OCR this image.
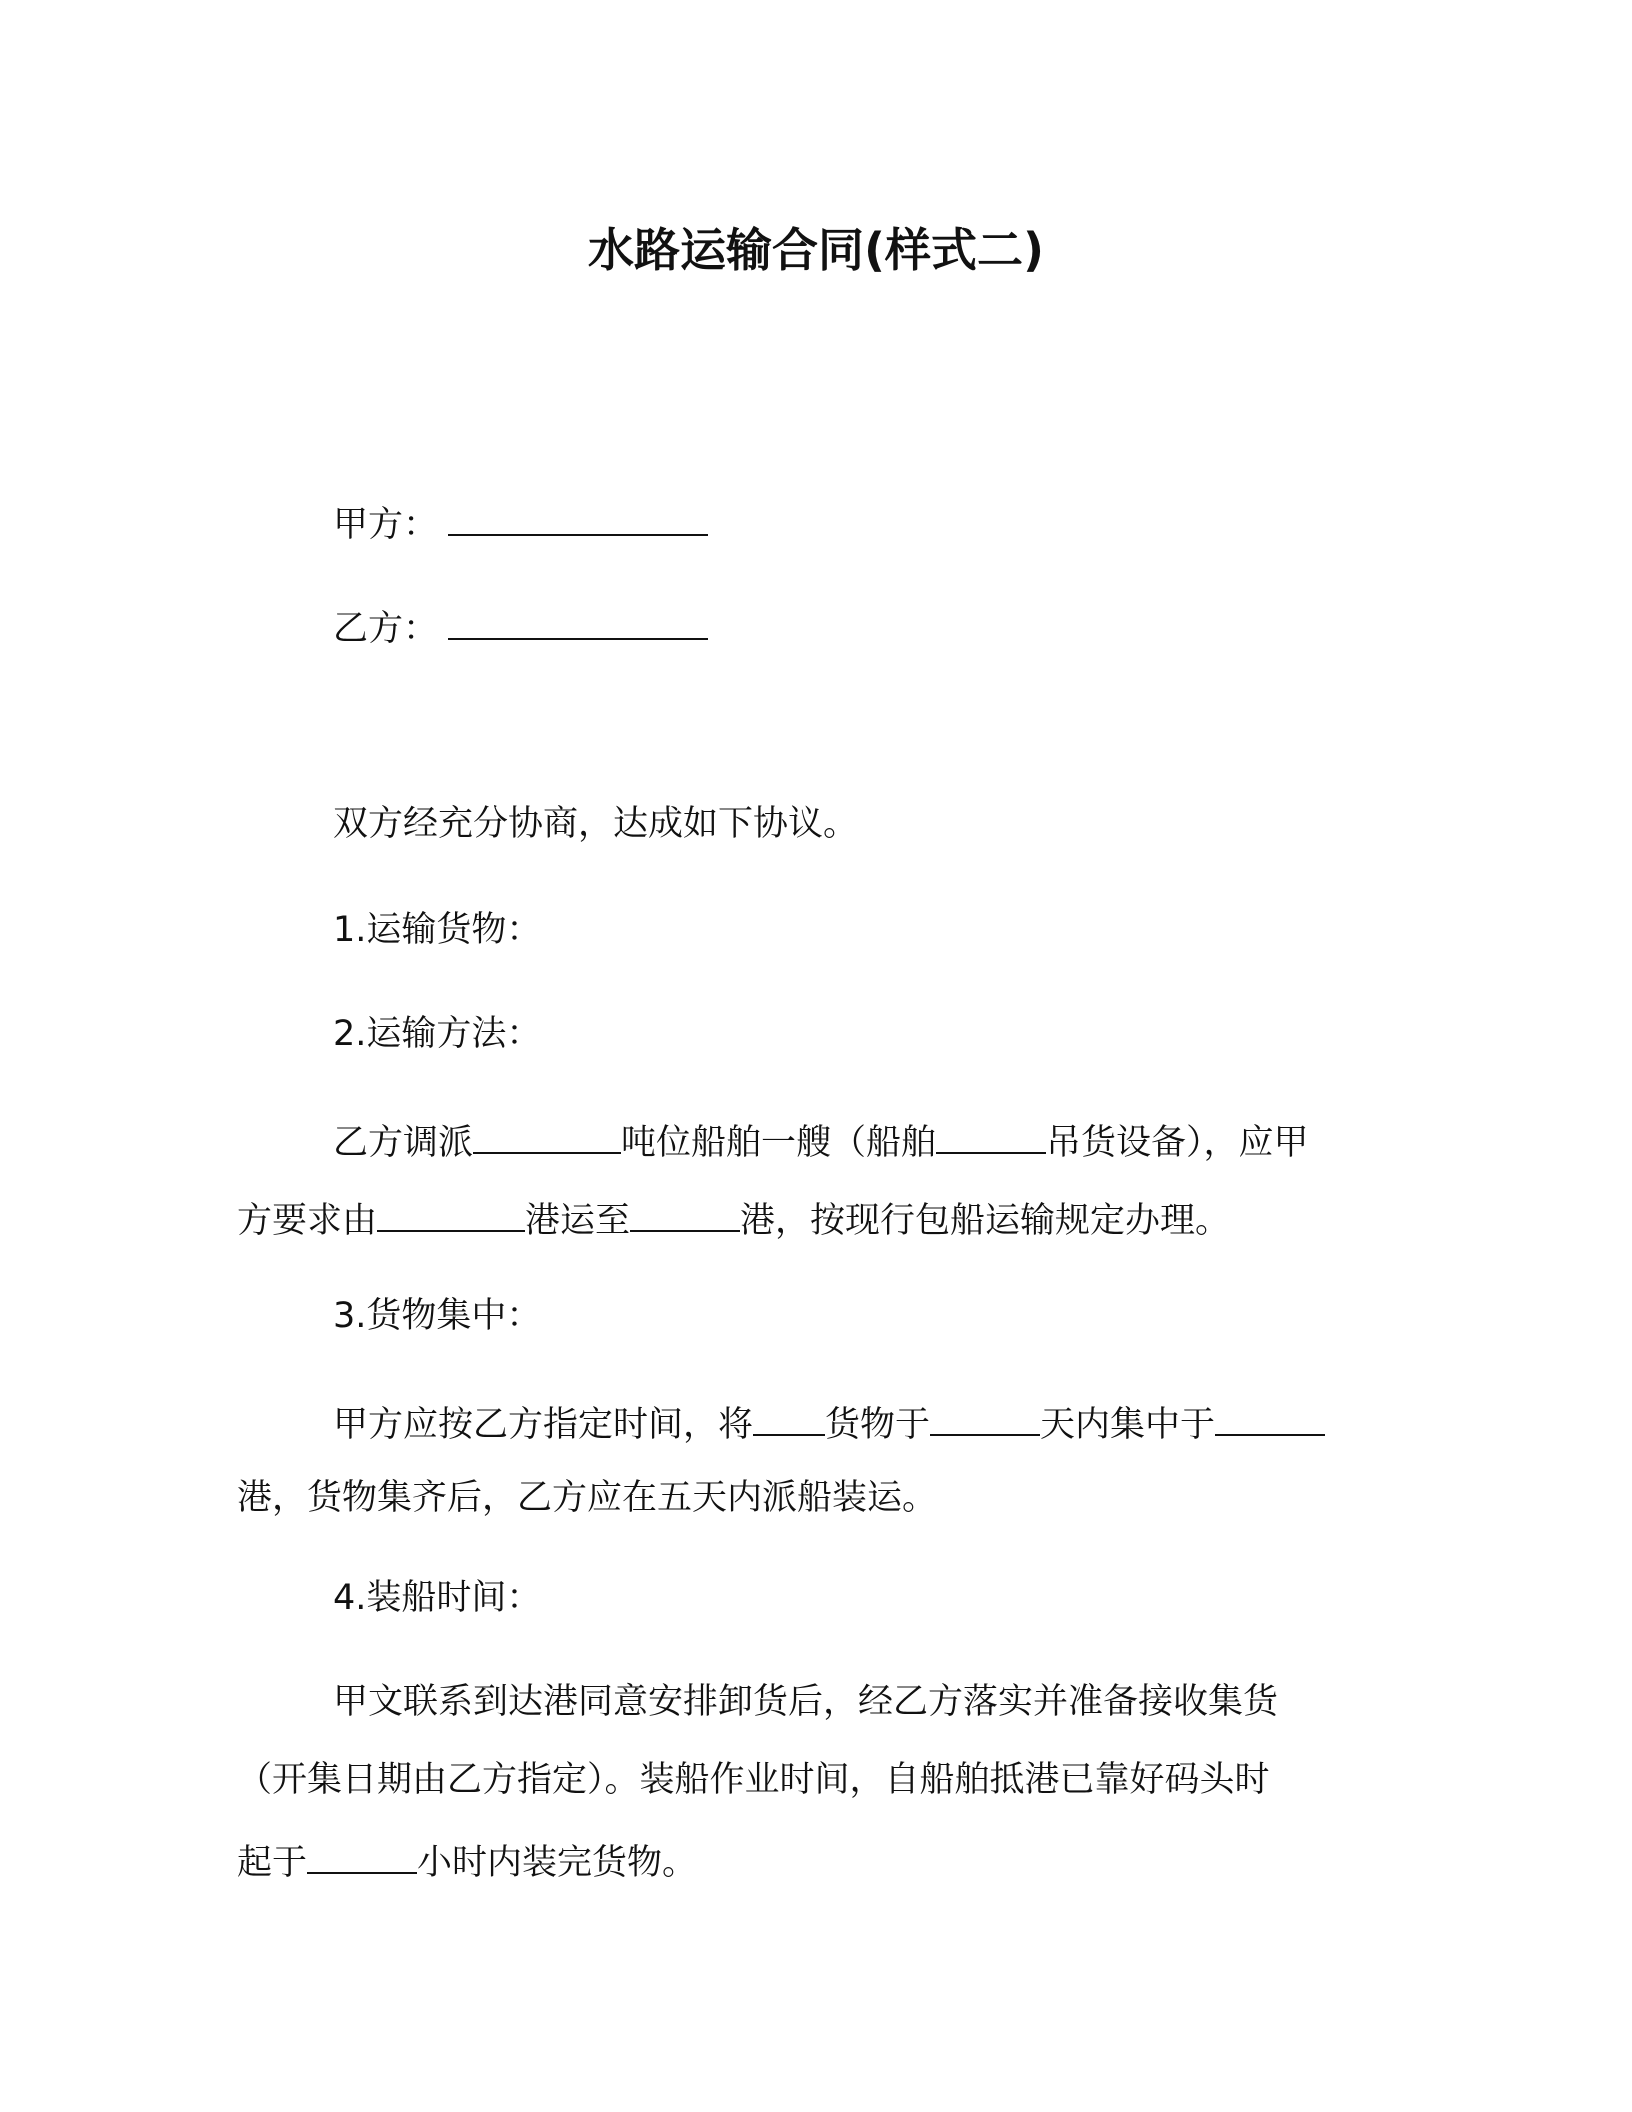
水路运输合同(样式二)
甲方：
乙方：
双方经充分协商，达成如下协议。
1.运输货物：
2.运输方法：
乙方调派	吨位船舶一艘（船舶	吊货设备），应甲
方要求由	港运至	港，按现行包船运输规定办理。
3.货物集中：
甲方应按乙方指定时间，将 货物于	天内集中于
港，货物集齐后，乙方应在五天内派船装运。
4.装船时间：
甲文联系到达港同意安排卸货后，经乙方落实并准备接收集货
（开集日期由乙方指定）。装船作业时间，自船舶抵港已靠好码头时
起于	小时内装完货物。
